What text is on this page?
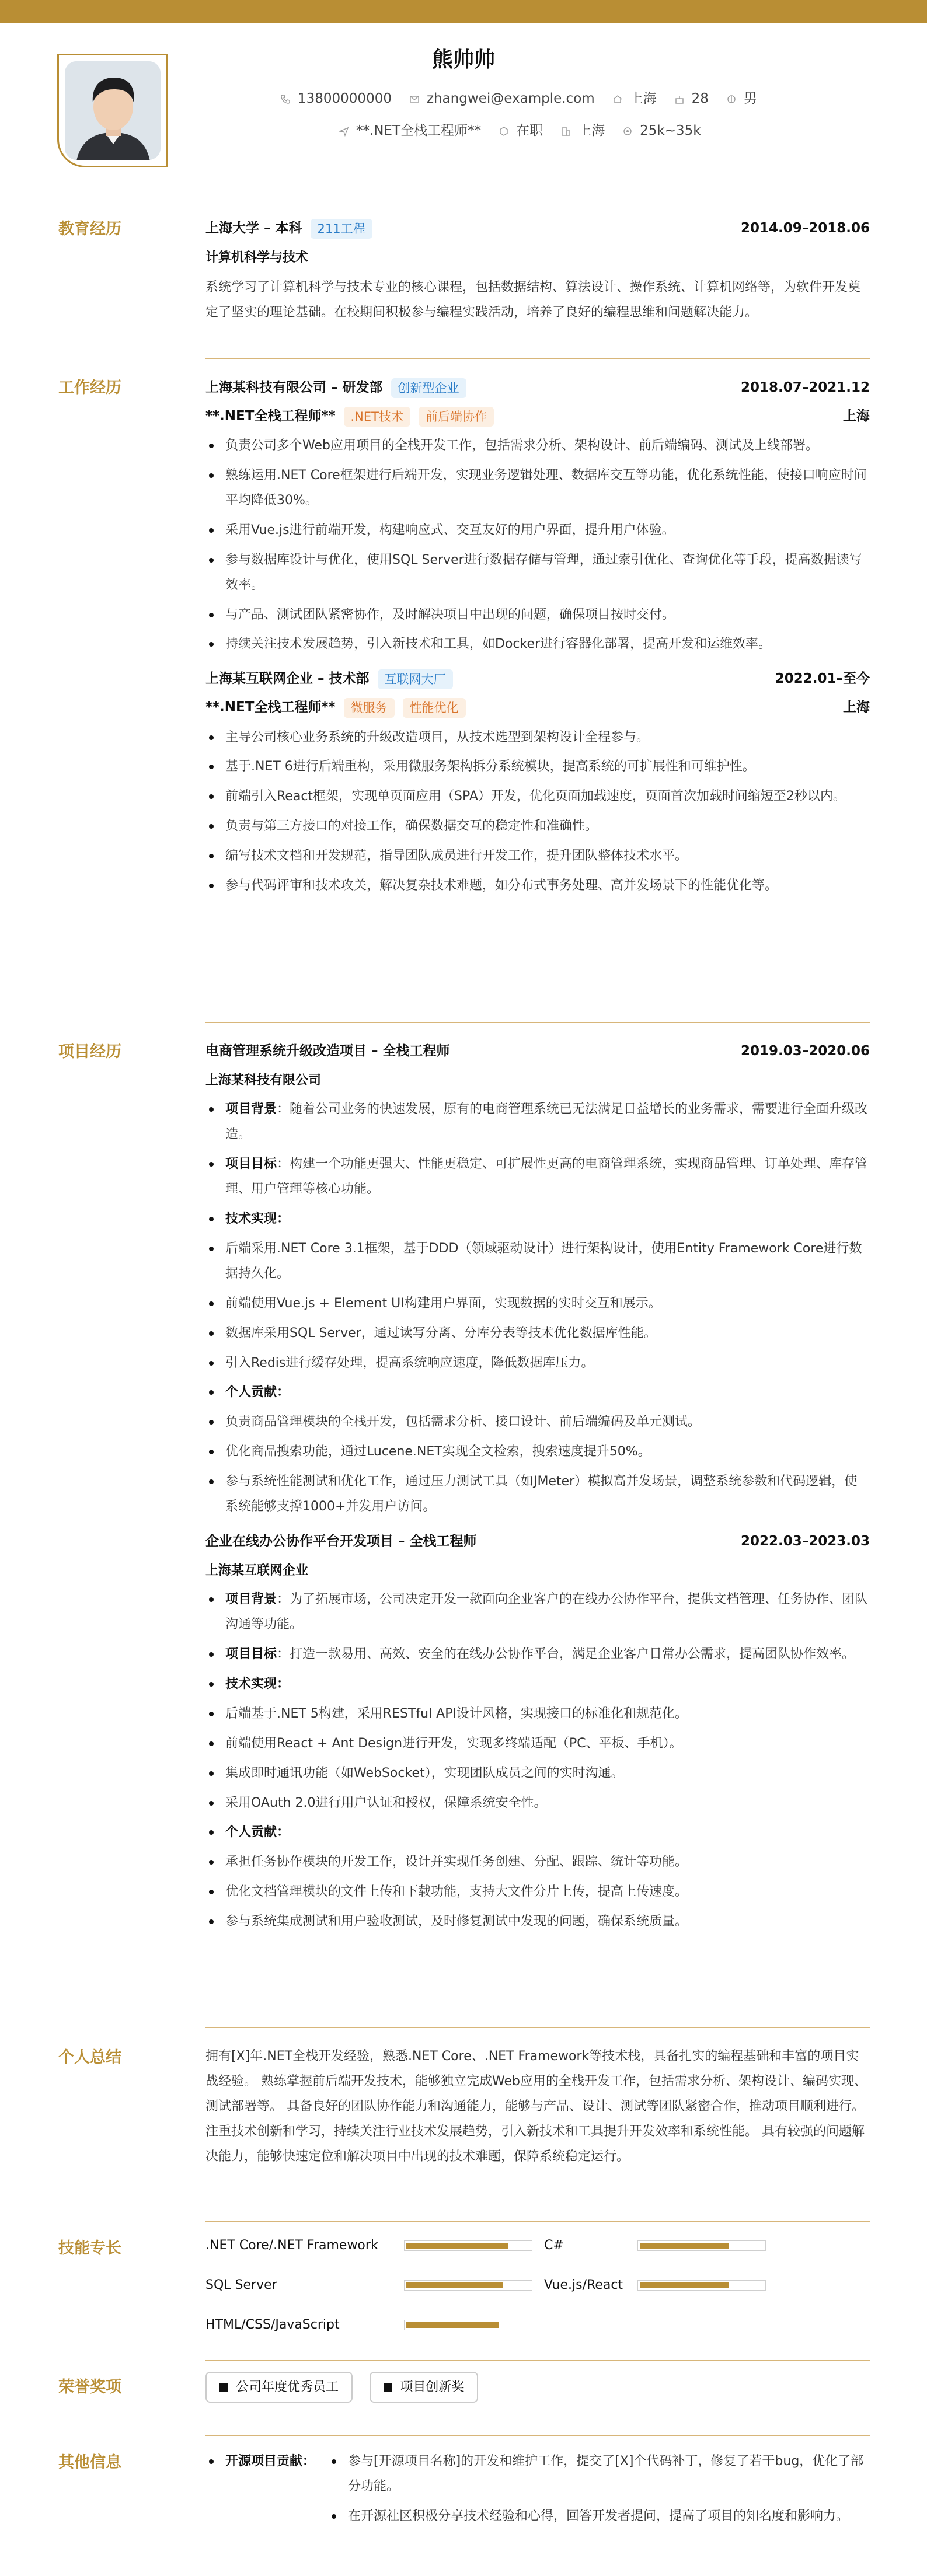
熊帅帅
13800000000	zhangwei@example.com	上海	28	男
**.NET全栈工程师**	在职	上海	25k~35k
教育经历	上海大学 – 本科	211工程	2014.09–2018.06
计算机科学与技术
系统学习了计算机科学与技术专业的核心课程，包括数据结构、算法设计、操作系统、计算机网络等，为软件开发奠定了坚实的理论基础。在校期间积极参与编程实践活动，培养了良好的编程思维和问题解决能力。
工作经历	上海某科技有限公司 – 研发部	创新型企业	2018.07–2021.12
**.NET全栈工程师**	.NET技术	前后端协作	上海
负责公司多个Web应用项目的全栈开发工作，包括需求分析、架构设计、前后端编码、测试及上线部署。
熟练运用.NET Core框架进行后端开发，实现业务逻辑处理、数据库交互等功能，优化系统性能，使接口响应时间平均降低30%。
采用Vue.js进行前端开发，构建响应式、交互友好的用户界面，提升用户体验。
参与数据库设计与优化，使用SQL Server进行数据存储与管理，通过索引优化、查询优化等手段，提高数据读写效率。
与产品、测试团队紧密协作，及时解决项目中出现的问题，确保项目按时交付。
持续关注技术发展趋势，引入新技术和工具，如Docker进行容器化部署，提高开发和运维效率。
上海某互联网企业 – 技术部	互联网大厂	2022.01–至今
**.NET全栈工程师**	微服务	性能优化	上海
主导公司核心业务系统的升级改造项目，从技术选型到架构设计全程参与。
基于.NET 6进行后端重构，采用微服务架构拆分系统模块，提高系统的可扩展性和可维护性。
前端引入React框架，实现单页面应用（SPA）开发，优化页面加载速度，页面首次加载时间缩短至2秒以内。
负责与第三方接口的对接工作，确保数据交互的稳定性和准确性。
编写技术文档和开发规范，指导团队成员进行开发工作，提升团队整体技术水平。
参与代码评审和技术攻关，解决复杂技术难题，如分布式事务处理、高并发场景下的性能优化等。
项目经历	电商管理系统升级改造项目 – 全栈工程师	2019.03–2020.06
上海某科技有限公司
项目背景：随着公司业务的快速发展，原有的电商管理系统已无法满足日益增长的业务需求，需要进行全面升级改造。
项目目标：构建一个功能更强大、性能更稳定、可扩展性更高的电商管理系统，实现商品管理、订单处理、库存管理、用户管理等核心功能。
技术实现：
后端采用.NET Core 3.1框架，基于DDD（领域驱动设计）进行架构设计，使用Entity Framework Core进行数据持久化。
前端使用Vue.js + Element UI构建用户界面，实现数据的实时交互和展示。
数据库采用SQL Server，通过读写分离、分库分表等技术优化数据库性能。
引入Redis进行缓存处理，提高系统响应速度，降低数据库压力。
个人贡献：
负责商品管理模块的全栈开发，包括需求分析、接口设计、前后端编码及单元测试。
优化商品搜索功能，通过Lucene.NET实现全文检索，搜索速度提升50%。
参与系统性能测试和优化工作，通过压力测试工具（如JMeter）模拟高并发场景，调整系统参数和代码逻辑，使系统能够支撑1000+并发用户访问。
企业在线办公协作平台开发项目 – 全栈工程师	2022.03–2023.03
上海某互联网企业
项目背景：为了拓展市场，公司决定开发一款面向企业客户的在线办公协作平台，提供文档管理、任务协作、团队沟通等功能。
项目目标：打造一款易用、高效、安全的在线办公协作平台，满足企业客户日常办公需求，提高团队协作效率。
技术实现：
后端基于.NET 5构建，采用RESTful API设计风格，实现接口的标准化和规范化。
前端使用React + Ant Design进行开发，实现多终端适配（PC、平板、手机）。
集成即时通讯功能（如WebSocket），实现团队成员之间的实时沟通。
采用OAuth 2.0进行用户认证和授权，保障系统安全性。
个人贡献：
承担任务协作模块的开发工作，设计并实现任务创建、分配、跟踪、统计等功能。
优化文档管理模块的文件上传和下载功能，支持大文件分片上传，提高上传速度。
参与系统集成测试和用户验收测试，及时修复测试中发现的问题，确保系统质量。
个人总结	拥有[X]年.NET全栈开发经验，熟悉.NET Core、.NET Framework等技术栈，具备扎实的编程基础和丰富的项目实战经验。 熟练掌握前后端开发技术，能够独立完成Web应用的全栈开发工作，包括需求分析、架构设计、编码实现、测试部署等。 具备良好的团队协作能力和沟通能力，能够与产品、设计、测试等团队紧密合作，推动项目顺利进行。 注重技术创新和学习，持续关注行业技术发展趋势，引入新技术和工具提升开发效率和系统性能。 具有较强的问题解决能力，能够快速定位和解决项目中出现的技术难题，保障系统稳定运行。
技能专长	.NET Core/.NET Framework	C#
SQL Server	Vue.js/React
HTML/CSS/JavaScript
荣誉奖项	公司年度优秀员工
	项目创新奖
其他信息	开源项目贡献：	参与[开源项目名称]的开发和维护工作，提交了[X]个代码补丁，修复了若干bug，优化了部分功能。
在开源社区积极分享技术经验和心得，回答开发者提问，提高了项目的知名度和影响力。
